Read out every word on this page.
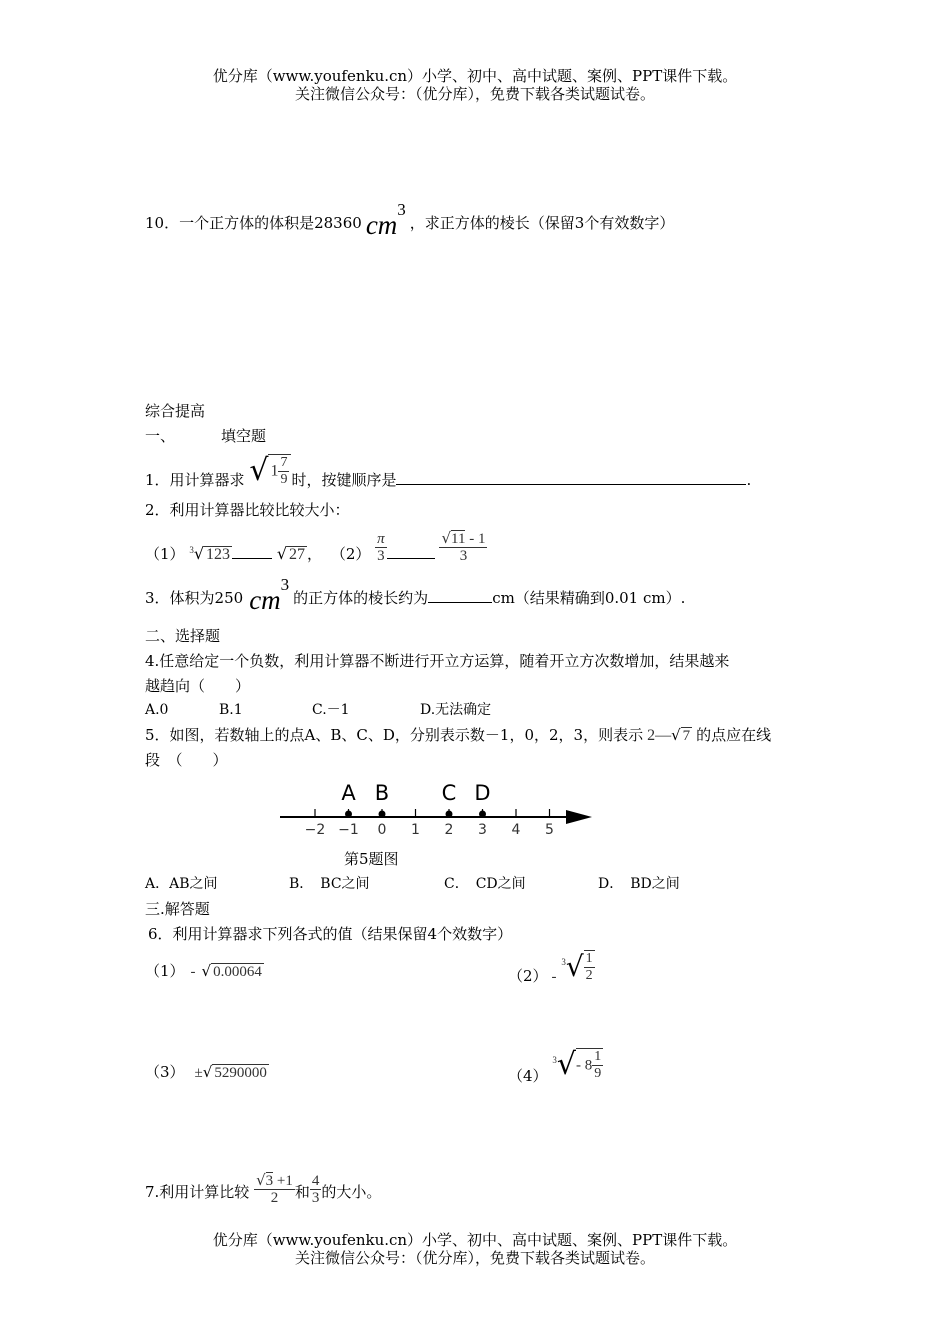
优分库（www.youfenku.cn）小学、初中、高中试题、案例、PPT课件下载。
关注微信公众号：（优分库），免费下载各类试题试卷。
10．一个正方体的体积是28360 cm3，求正方体的棱长（保留3个有效数字）
综合提高
一、	填空题
1．用计算器求 √ $1 \frac{7}{9}$ 时，按键顺序是	.
2．利用计算器比较比较大小：
（1） $^3$√ 123	√ 27 ， $(2) \frac{\pi}{3}$
	$\frac{√11 - 1}{3}$
3．体积为250 cm3的正方体的棱长约为	cm（结果精确到0.01 cm）.
二、选择题
4.任意给定一个负数，利用计算器不断进行开立方运算，随着开立方次数增加，结果越来
越趋向（　　）
A.0	B.1	C.－1	D.无法确定
5．如图，若数轴上的点A、B、C、D，分别表示数－1，0，2，3，则表示 2—√ 7 的点应在线
段　（　　）
−2 −1 0 1 2 3 4 5
A B C D
第5题图
A．AB之间	B．　BC之间	C．　CD之间	D．　BD之间
三.解答题
6．利用计算器求下列各式的值（结果保留4个效数字）
（1） - √ 0.00064	$(2) - ^3√ \frac{1}{2}$
（3） ±√ 5290000	（4） $^3$√- $8 \frac{1}{9}$
7.利用计算比较 $\frac{√3 +1}{2}$ 和 $\frac{4}{3}$ 的大小。
优分库（www.youfenku.cn）小学、初中、高中试题、案例、PPT课件下载。
关注微信公众号：（优分库），免费下载各类试题试卷。
